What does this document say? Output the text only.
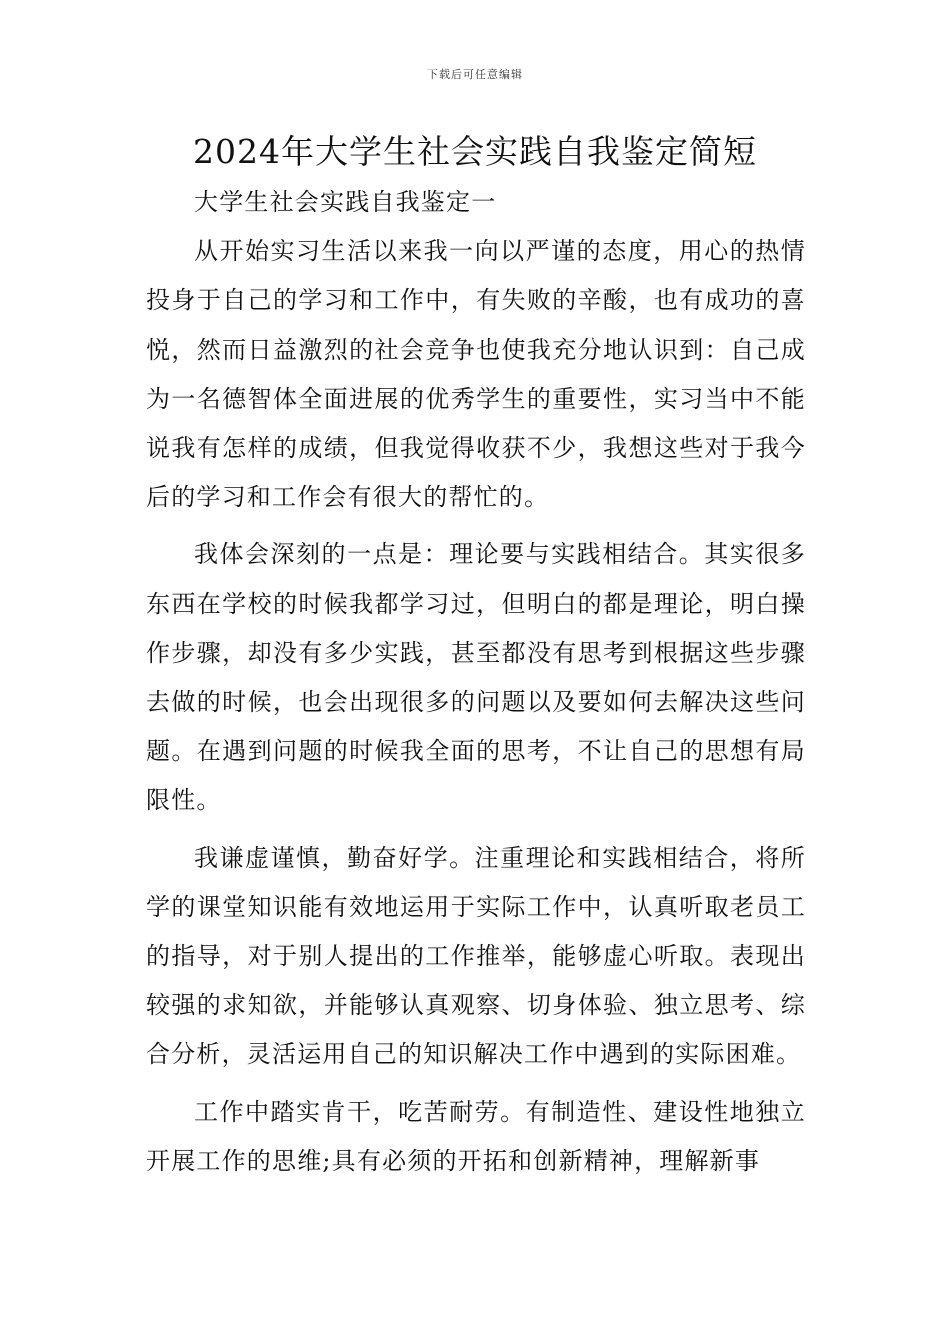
下载后可任意编辑
2024年大学生社会实践自我鉴定简短

大学生社会实践自我鉴定一

从开始实习生活以来我一向以严谨的态度，用心的热情投身于自己的学习和工作中，有失败的辛酸，也有成功的喜悦，然而日益激烈的社会竞争也使我充分地认识到：自己成为一名德智体全面进展的优秀学生的重要性，实习当中不能说我有怎样的成绩，但我觉得收获不少，我想这些对于我今后的学习和工作会有很大的帮忙的。

我体会深刻的一点是：理论要与实践相结合。其实很多东西在学校的时候我都学习过，但明白的都是理论，明白操作步骤，却没有多少实践，甚至都没有思考到根据这些步骤去做的时候，也会出现很多的问题以及要如何去解决这些问题。在遇到问题的时候我全面的思考，不让自己的思想有局限性。

我谦虚谨慎，勤奋好学。注重理论和实践相结合，将所学的课堂知识能有效地运用于实际工作中，认真听取老员工的指导，对于别人提出的工作推举，能够虚心听取。表现出较强的求知欲，并能够认真观察、切身体验、独立思考、综合分析，灵活运用自己的知识解决工作中遇到的实际困难。

工作中踏实肯干，吃苦耐劳。有制造性、建设性地独立开展工作的思维;具有必须的开拓和创新精神，理解新事
